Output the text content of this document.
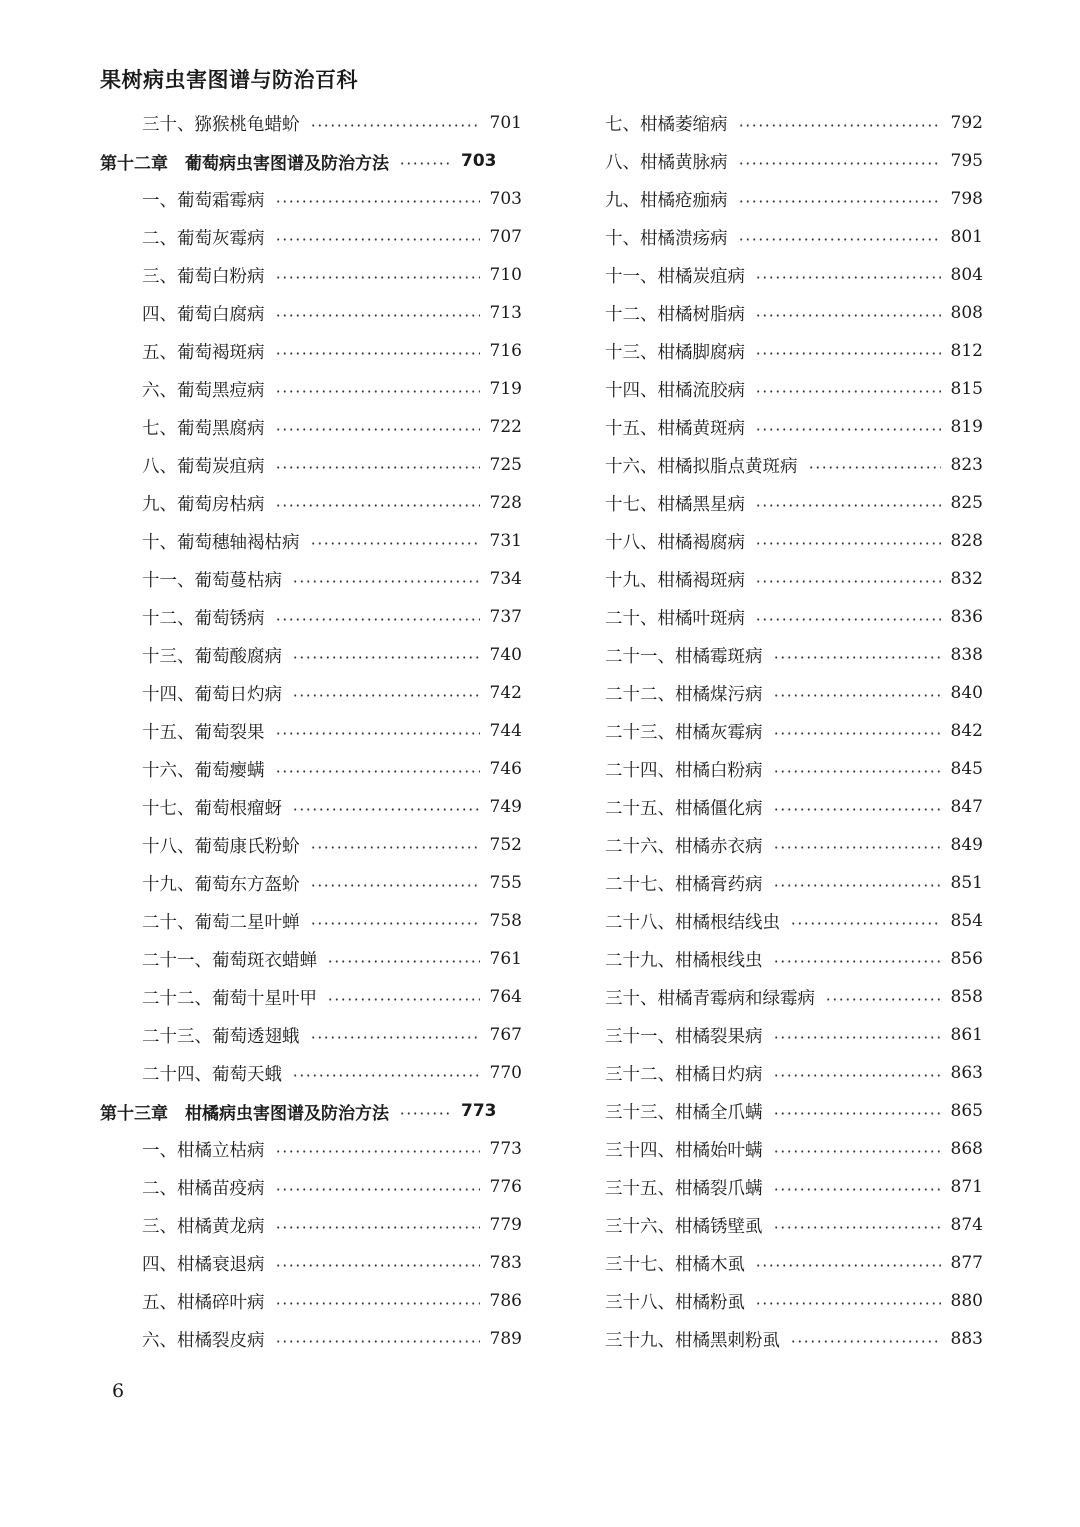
果树病虫害图谱与防治百科
三十、猕猴桃龟蜡蚧	701
第十二章　葡萄病虫害图谱及防治方法	703
一、葡萄霜霉病	703
二、葡萄灰霉病	707
三、葡萄白粉病	710
四、葡萄白腐病	713
五、葡萄褐斑病	716
六、葡萄黑痘病	719
七、葡萄黑腐病	722
八、葡萄炭疽病	725
九、葡萄房枯病	728
十、葡萄穗轴褐枯病	731
十一、葡萄蔓枯病	734
十二、葡萄锈病	737
十三、葡萄酸腐病	740
十四、葡萄日灼病	742
十五、葡萄裂果	744
十六、葡萄瘿螨	746
十七、葡萄根瘤蚜	749
十八、葡萄康氏粉蚧	752
十九、葡萄东方盔蚧	755
二十、葡萄二星叶蝉	758
二十一、葡萄斑衣蜡蝉	761
二十二、葡萄十星叶甲	764
二十三、葡萄透翅蛾	767
二十四、葡萄天蛾	770
第十三章　柑橘病虫害图谱及防治方法	773
一、柑橘立枯病	773
二、柑橘苗疫病	776
三、柑橘黄龙病	779
四、柑橘衰退病	783
五、柑橘碎叶病	786
六、柑橘裂皮病	789
七、柑橘萎缩病	792
八、柑橘黄脉病	795
九、柑橘疮痂病	798
十、柑橘溃疡病	801
十一、柑橘炭疽病	804
十二、柑橘树脂病	808
十三、柑橘脚腐病	812
十四、柑橘流胶病	815
十五、柑橘黄斑病	819
十六、柑橘拟脂点黄斑病	823
十七、柑橘黑星病	825
十八、柑橘褐腐病	828
十九、柑橘褐斑病	832
二十、柑橘叶斑病	836
二十一、柑橘霉斑病	838
二十二、柑橘煤污病	840
二十三、柑橘灰霉病	842
二十四、柑橘白粉病	845
二十五、柑橘僵化病	847
二十六、柑橘赤衣病	849
二十七、柑橘膏药病	851
二十八、柑橘根结线虫	854
二十九、柑橘根线虫	856
三十、柑橘青霉病和绿霉病	858
三十一、柑橘裂果病	861
三十二、柑橘日灼病	863
三十三、柑橘全爪螨	865
三十四、柑橘始叶螨	868
三十五、柑橘裂爪螨	871
三十六、柑橘锈壁虱	874
三十七、柑橘木虱	877
三十八、柑橘粉虱	880
三十九、柑橘黑刺粉虱	883
6
